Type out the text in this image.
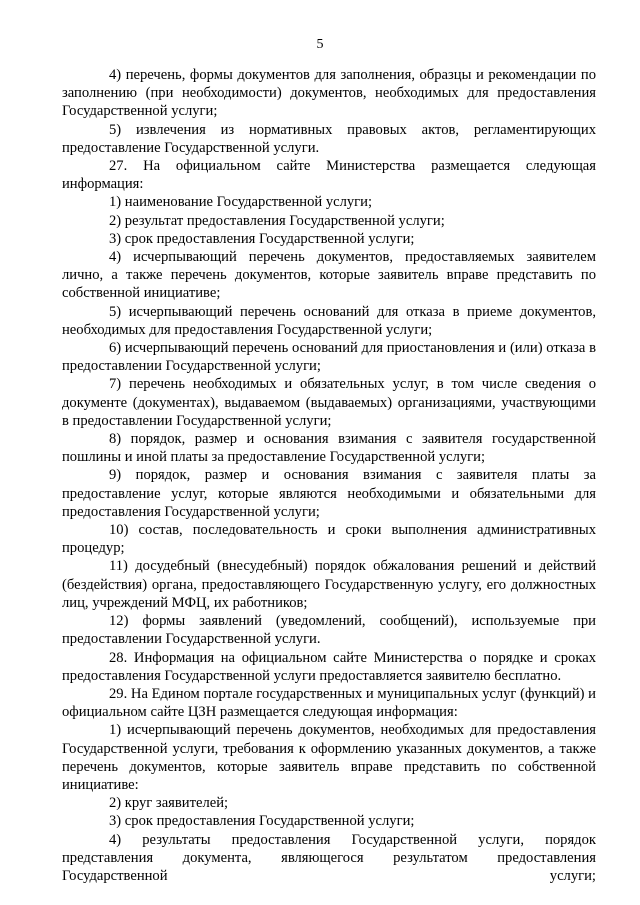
5

4) перечень, формы документов для заполнения, образцы и рекомендации по заполнению (при необходимости) документов, необходимых для предоставления Государственной услуги;

5) извлечения из нормативных правовых актов, регламентирующих предоставление Государственной услуги.

27. На официальном сайте Министерства размещается следующая информация:

1) наименование Государственной услуги;

2) результат предоставления Государственной услуги;

3) срок предоставления Государственной услуги;

4) исчерпывающий перечень документов, предоставляемых заявителем лично, а также перечень документов, которые заявитель вправе представить по собственной инициативе;

5) исчерпывающий перечень оснований для отказа в приеме документов, необходимых для предоставления Государственной услуги;

6) исчерпывающий перечень оснований для приостановления и (или) отказа в предоставлении Государственной услуги;

7) перечень необходимых и обязательных услуг, в том числе сведения о документе (документах), выдаваемом (выдаваемых) организациями, участвующими в предоставлении Государственной услуги;

8) порядок, размер и основания взимания с заявителя государственной пошлины и иной платы за предоставление Государственной услуги;

9) порядок, размер и основания взимания с заявителя платы за предоставление услуг, которые являются необходимыми и обязательными для предоставления Государственной услуги;

10) состав, последовательность и сроки выполнения административных процедур;

11) досудебный (внесудебный) порядок обжалования решений и действий (бездействия) органа, предоставляющего Государственную услугу, его должностных лиц, учреждений МФЦ, их работников;

12) формы заявлений (уведомлений, сообщений), используемые при предоставлении Государственной услуги.

28. Информация на официальном сайте Министерства о порядке и сроках предоставления Государственной услуги предоставляется заявителю бесплатно.

29. На Едином портале государственных и муниципальных услуг (функций) и официальном сайте ЦЗН размещается следующая информация:

1) исчерпывающий перечень документов, необходимых для предоставления Государственной услуги, требования к оформлению указанных документов, а также перечень документов, которые заявитель вправе представить по собственной инициативе:

2) круг заявителей;

3) срок предоставления Государственной услуги;

4) результаты предоставления Государственной услуги, порядок представления документа, являющегося результатом предоставления Государственной услуги;
